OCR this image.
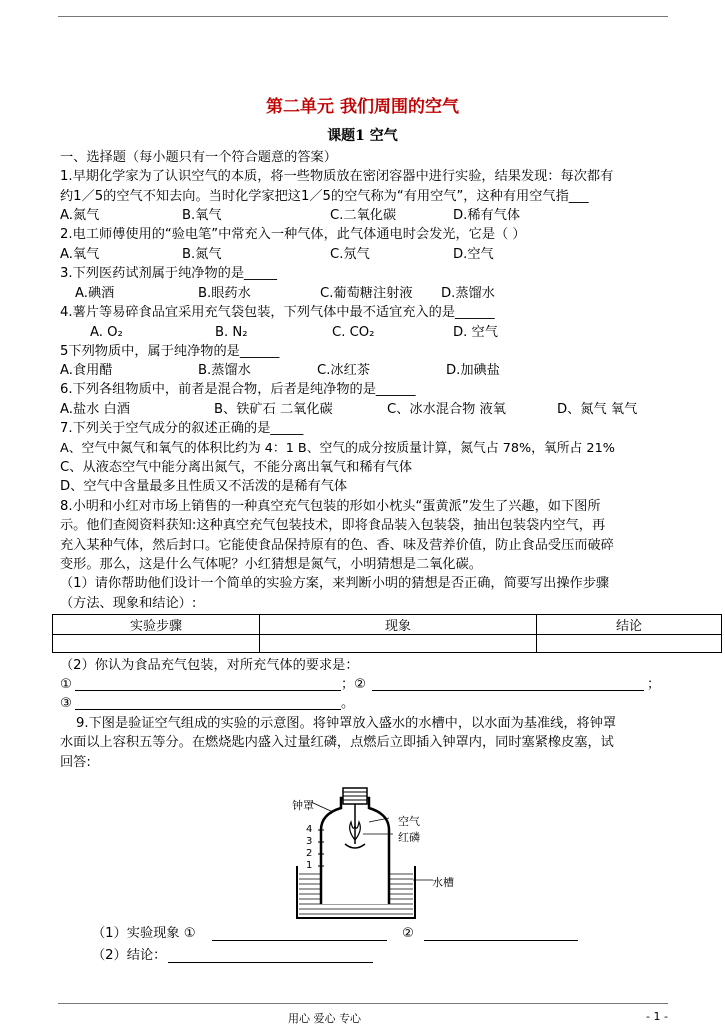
第二单元 我们周围的空气
课题1 空气
一、选择题（每小题只有一个符合题意的答案）
1.早期化学家为了认识空气的本质，将一些物质放在密闭容器中进行实验，结果发现：每次都有
约1／5的空气不知去向。当时化学家把这1／5的空气称为“有用空气”，这种有用空气指___
A.氮气	B.氧气	C.二氧化碳	D.稀有气体
2.电工师傅使用的“验电笔”中常充入一种气体，此气体通电时会发光，它是（ ）
A.氧气	B.氮气	C.氖气	D.空气
3.下列医药试剂属于纯净物的是_____
A.碘酒	B.眼药水	C.葡萄糖注射液 D.蒸馏水
4.薯片等易碎食品宜采用充气袋包装，下列气体中最不适宜充入的是______
A. O₂	B. N₂	C. CO₂	D. 空气
5下列物质中，属于纯净物的是______
A.食用醋	B.蒸馏水	C.冰红茶	D.加碘盐
6.下列各组物质中，前者是混合物，后者是纯净物的是______
A.盐水 白酒	B、铁矿石 二氧化碳	C、冰水混合物 液氧	D、氮气 氧气
7.下列关于空气成分的叙述正确的是_____
A、空气中氮气和氧气的体积比约为 4：1 B、空气的成分按质量计算，氮气占 78%，氧所占 21%
C、从液态空气中能分离出氮气，不能分离出氧气和稀有气体
D、空气中含量最多且性质又不活泼的是稀有气体
8.小明和小红对市场上销售的一种真空充气包装的形如小枕头“蛋黄派”发生了兴趣，如下图所
示。他们查阅资料获知:这种真空充气包装技术，即将食品装入包装袋，抽出包装袋内空气，再
充入某种气体，然后封口。它能使食品保持原有的色、香、味及营养价值，防止食品受压而破碎
变形。那么，这是什么气体呢？小红猜想是氮气，小明猜想是二氧化碳。
（1）请你帮助他们设计一个简单的实验方案，来判断小明的猜想是否正确，简要写出操作步骤
（方法、现象和结论）:
实验步骤	现象	结论

（2）你认为食品充气包装，对所充气体的要求是：
①	；②	；
③	。
9.下图是验证空气组成的实验的示意图。将钟罩放入盛水的水槽中，以水面为基准线，将钟罩
水面以上容积五等分。在燃烧匙内盛入过量红磷，点燃后立即插入钟罩内，同时塞紧橡皮塞，试
回答:
钟罩
空气
红磷
水槽
4
3
2
1
（1）实验现象 ①	②
（2）结论：
用心 爱心 专心	- 1 -
